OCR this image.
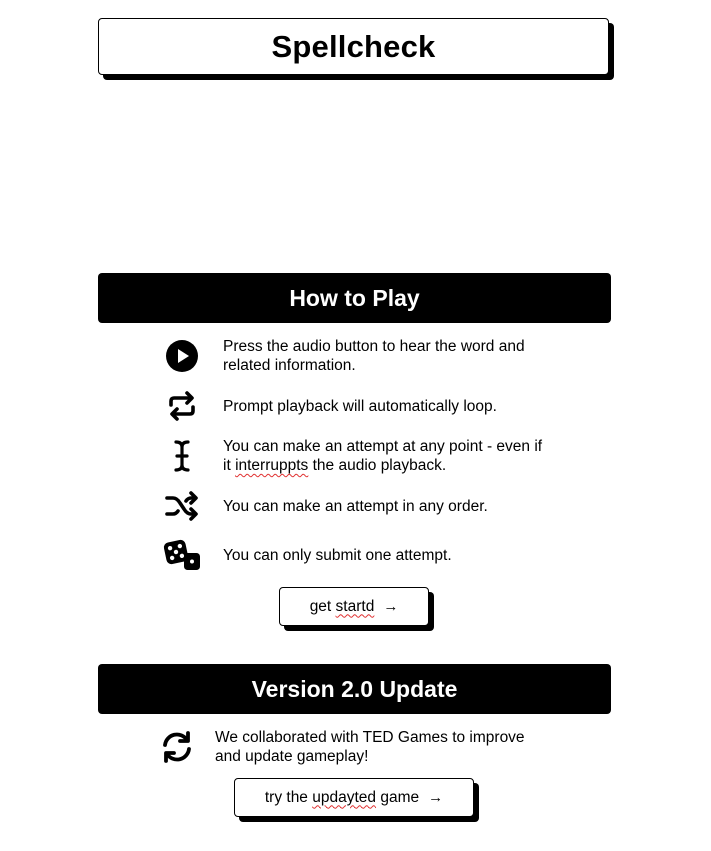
Spellcheck
How to Play
Press the audio button to hear the word and related information.
Prompt playback will automatically loop.
You can make an attempt at any point - even if it interruppts the audio playback.
You can make an attempt in any order.
You can only submit one attempt.
get startd →
Version 2.0 Update
We collaborated with TED Games to improve and update gameplay!
try the updayted game →
